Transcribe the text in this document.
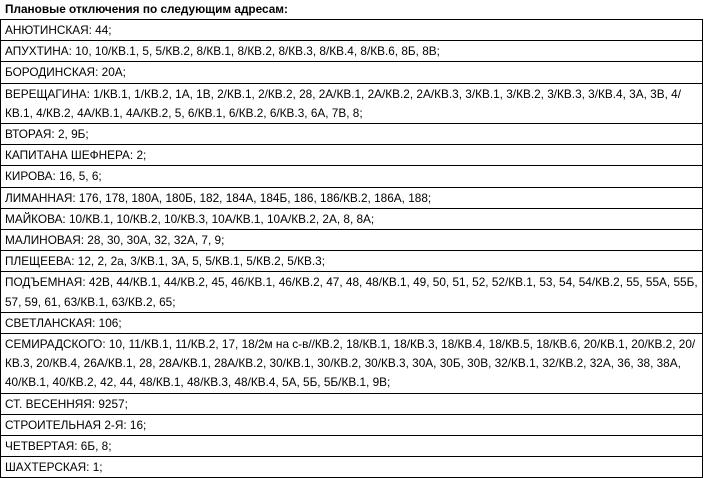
Плановые отключения по следующим адресам:
АНЮТИНСКАЯ: 44;
АПУХТИНА: 10, 10/КВ.1, 5, 5/КВ.2, 8/КВ.1, 8/КВ.2, 8/КВ.3, 8/КВ.4, 8/КВ.6, 8Б, 8В;
БОРОДИНСКАЯ: 20А;
ВЕРЕЩАГИНА: 1/КВ.1, 1/КВ.2, 1А, 1В, 2/КВ.1, 2/КВ.2, 28, 2А/КВ.1, 2А/КВ.2, 2А/КВ.3, 3/КВ.1, 3/КВ.2, 3/КВ.3, 3/КВ.4, 3А, 3В, 4/КВ.1, 4/КВ.2, 4А/КВ.1, 4А/КВ.2, 5, 6/КВ.1, 6/КВ.2, 6/КВ.3, 6А, 7В, 8;
ВТОРАЯ: 2, 9Б;
КАПИТАНА ШЕФНЕРА: 2;
КИРОВА: 16, 5, 6;
ЛИМАННАЯ: 176, 178, 180А, 180Б, 182, 184А, 184Б, 186, 186/КВ.2, 186А, 188;
МАЙКОВА: 10/КВ.1, 10/КВ.2, 10/КВ.3, 10А/КВ.1, 10А/КВ.2, 2А, 8, 8А;
МАЛИНОВАЯ: 28, 30, 30А, 32, 32А, 7, 9;
ПЛЕЩЕЕВА: 12, 2, 2а, 3/КВ.1, 3А, 5, 5/КВ.1, 5/КВ.2, 5/КВ.3;
ПОДЪЕМНАЯ: 42В, 44/КВ.1, 44/КВ.2, 45, 46/КВ.1, 46/КВ.2, 47, 48, 48/КВ.1, 49, 50, 51, 52, 52/КВ.1, 53, 54, 54/КВ.2, 55, 55А, 55Б, 57, 59, 61, 63/КВ.1, 63/КВ.2, 65;
СВЕТЛАНСКАЯ: 106;
СЕМИРАДСКОГО: 10, 11/КВ.1, 11/КВ.2, 17, 18/2м на с-в//КВ.2, 18/КВ.1, 18/КВ.3, 18/КВ.4, 18/КВ.5, 18/КВ.6, 20/КВ.1, 20/КВ.2, 20/КВ.3, 20/КВ.4, 26А/КВ.1, 28, 28А/КВ.1, 28А/КВ.2, 30/КВ.1, 30/КВ.2, 30/КВ.3, 30А, 30Б, 30В, 32/КВ.1, 32/КВ.2, 32А, 36, 38, 38А, 40/КВ.1, 40/КВ.2, 42, 44, 48/КВ.1, 48/КВ.3, 48/КВ.4, 5А, 5Б, 5Б/КВ.1, 9В;
СТ. ВЕСЕННЯЯ: 9257;
СТРОИТЕЛЬНАЯ 2-Я: 16;
ЧЕТВЕРТАЯ: 6Б, 8;
ШАХТЕРСКАЯ: 1;
